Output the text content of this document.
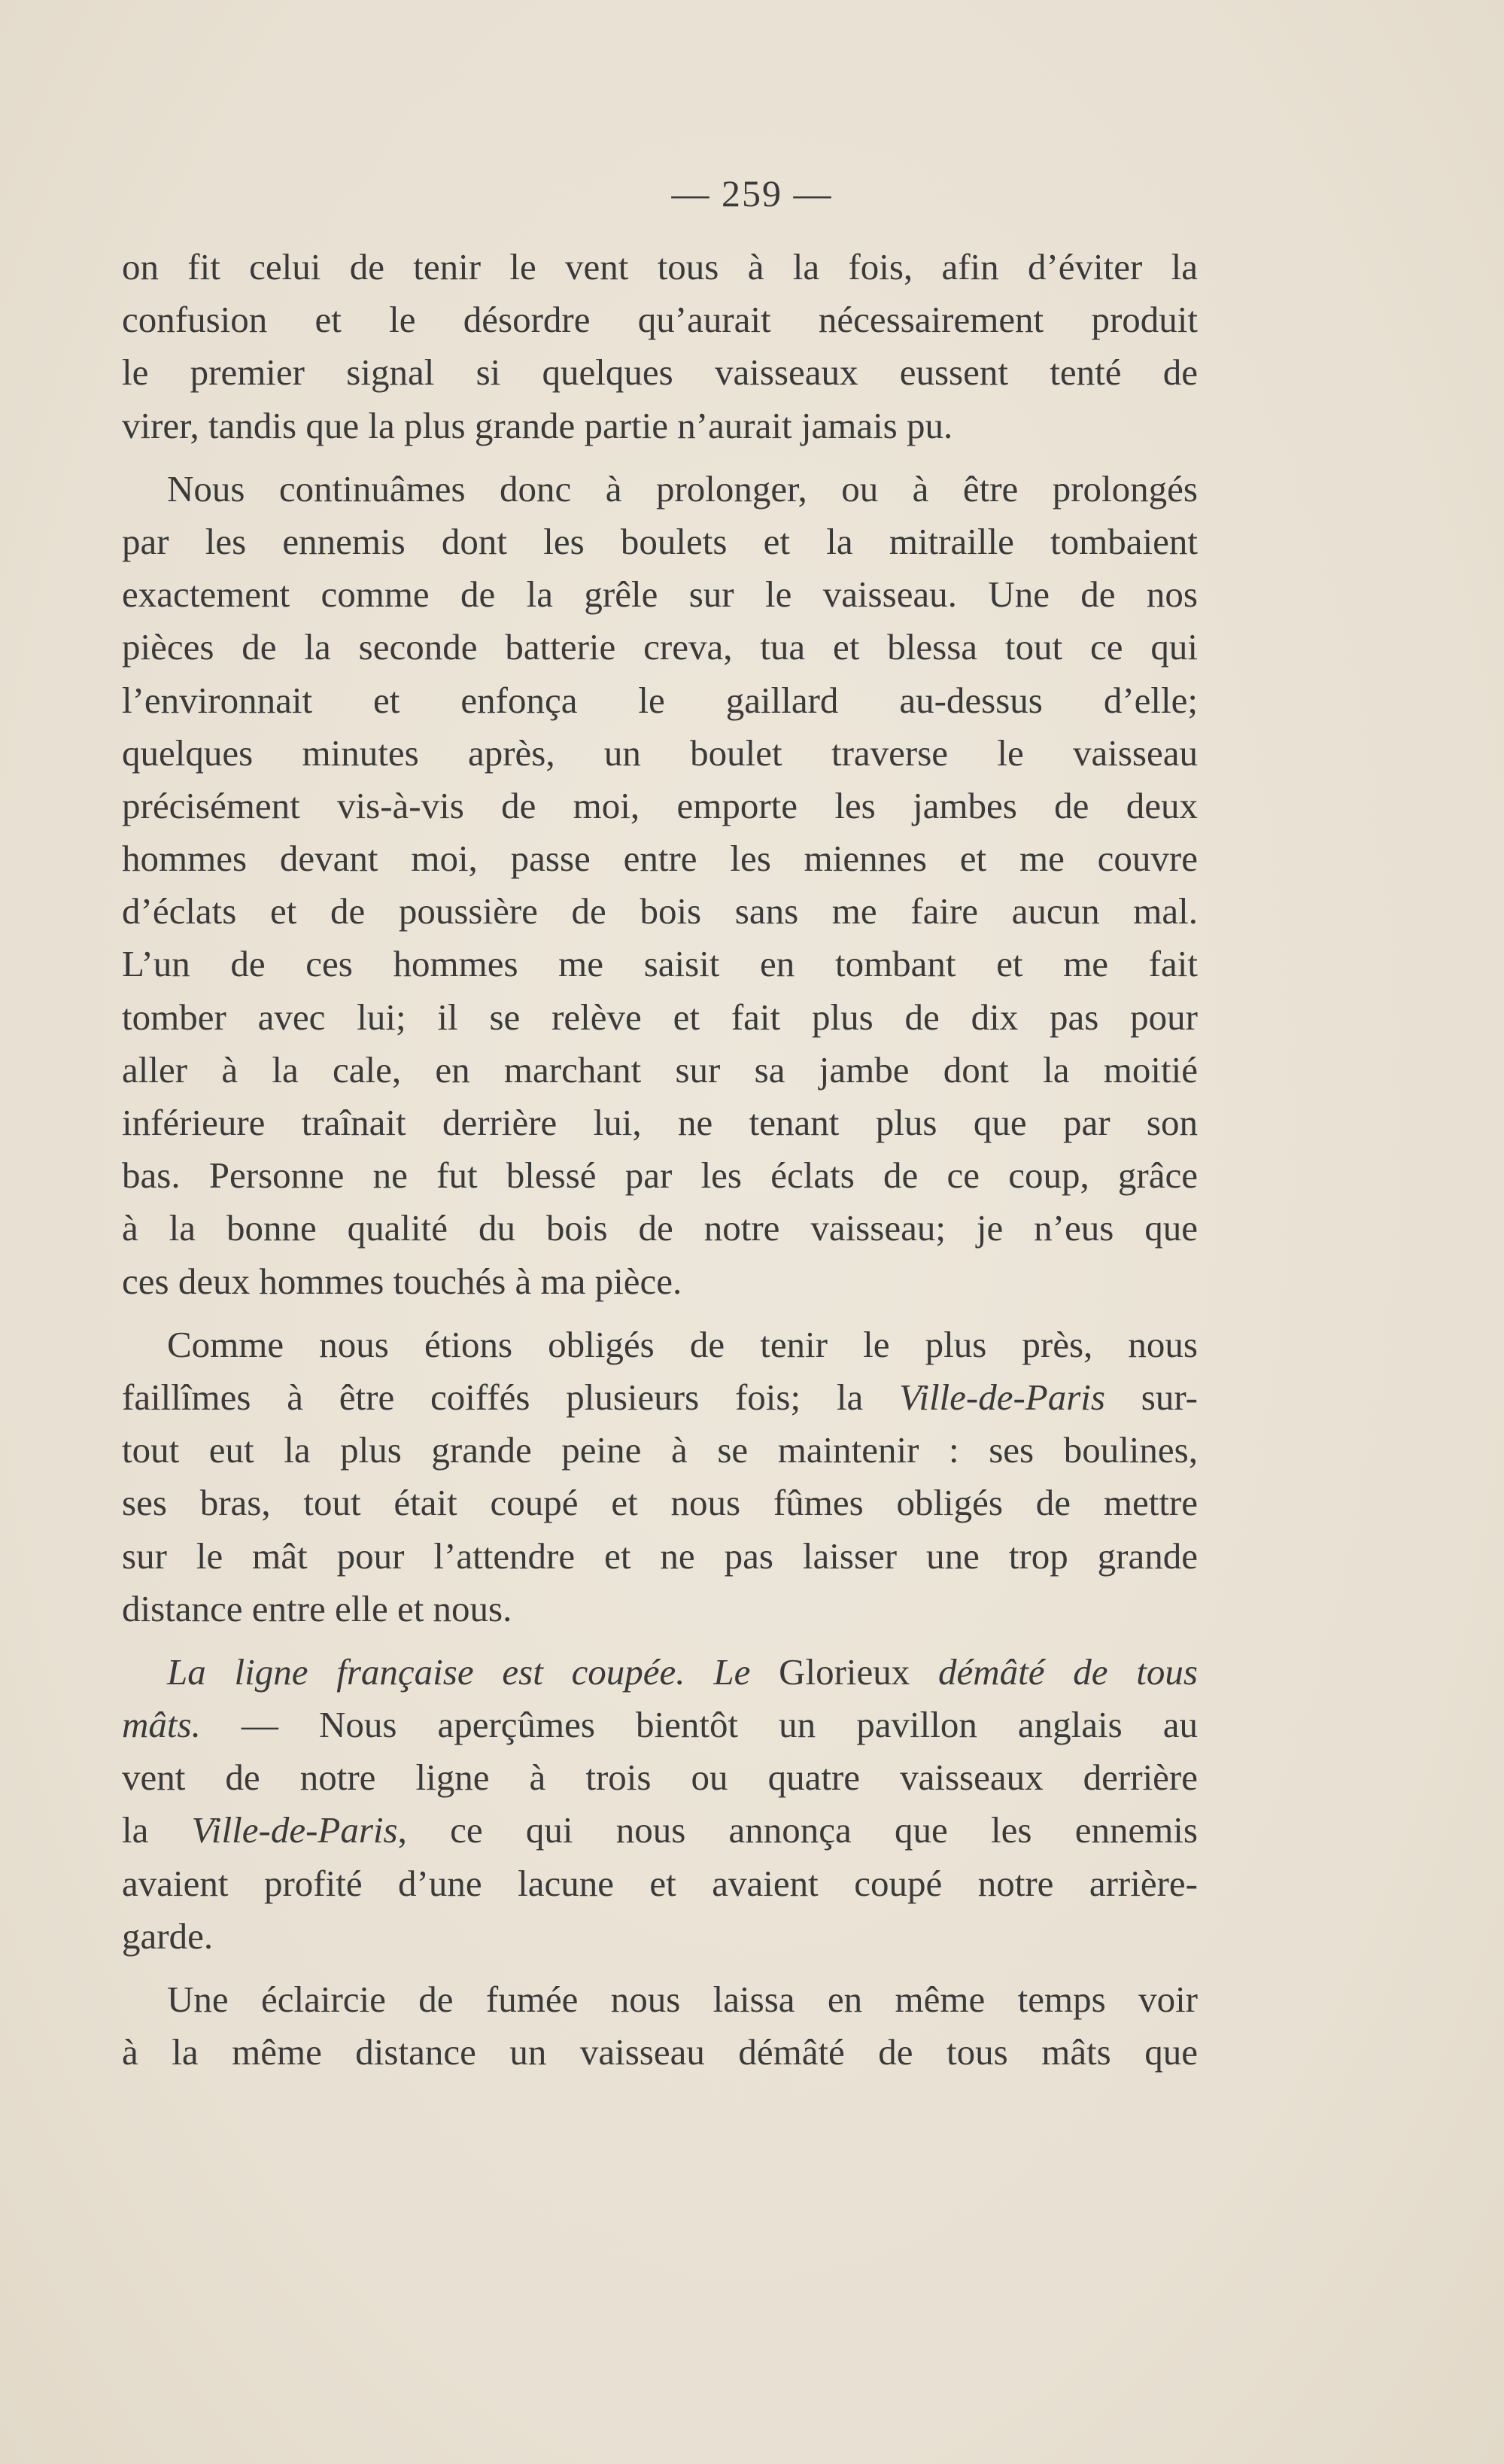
— 259 —
on fit celui de tenir le vent tous à la fois, afin d’éviter la
confusion et le désordre qu’aurait nécessairement produit
le premier signal si quelques vaisseaux eussent tenté de
virer, tandis que la plus grande partie n’aurait jamais pu.
Nous continuâmes donc à prolonger, ou à être prolongés
par les ennemis dont les boulets et la mitraille tombaient
exactement comme de la grêle sur le vaisseau. Une de nos
pièces de la seconde batterie creva, tua et blessa tout ce qui
l’environnait et enfonça le gaillard au-dessus d’elle;
quelques minutes après, un boulet traverse le vaisseau
précisément vis-à-vis de moi, emporte les jambes de deux
hommes devant moi, passe entre les miennes et me couvre
d’éclats et de poussière de bois sans me faire aucun mal.
L’un de ces hommes me saisit en tombant et me fait
tomber avec lui; il se relève et fait plus de dix pas pour
aller à la cale, en marchant sur sa jambe dont la moitié
inférieure traînait derrière lui, ne tenant plus que par son
bas. Personne ne fut blessé par les éclats de ce coup, grâce
à la bonne qualité du bois de notre vaisseau; je n’eus que
ces deux hommes touchés à ma pièce.
Comme nous étions obligés de tenir le plus près, nous
faillîmes à être coiffés plusieurs fois; la Ville-de-Paris sur-
tout eut la plus grande peine à se maintenir : ses boulines,
ses bras, tout était coupé et nous fûmes obligés de mettre
sur le mât pour l’attendre et ne pas laisser une trop grande
distance entre elle et nous.
La ligne française est coupée. Le Glorieux démâté de tous
mâts. — Nous aperçûmes bientôt un pavillon anglais au
vent de notre ligne à trois ou quatre vaisseaux derrière
la Ville-de-Paris, ce qui nous annonça que les ennemis
avaient profité d’une lacune et avaient coupé notre arrière-
garde.
Une éclaircie de fumée nous laissa en même temps voir
à la même distance un vaisseau démâté de tous mâts que
